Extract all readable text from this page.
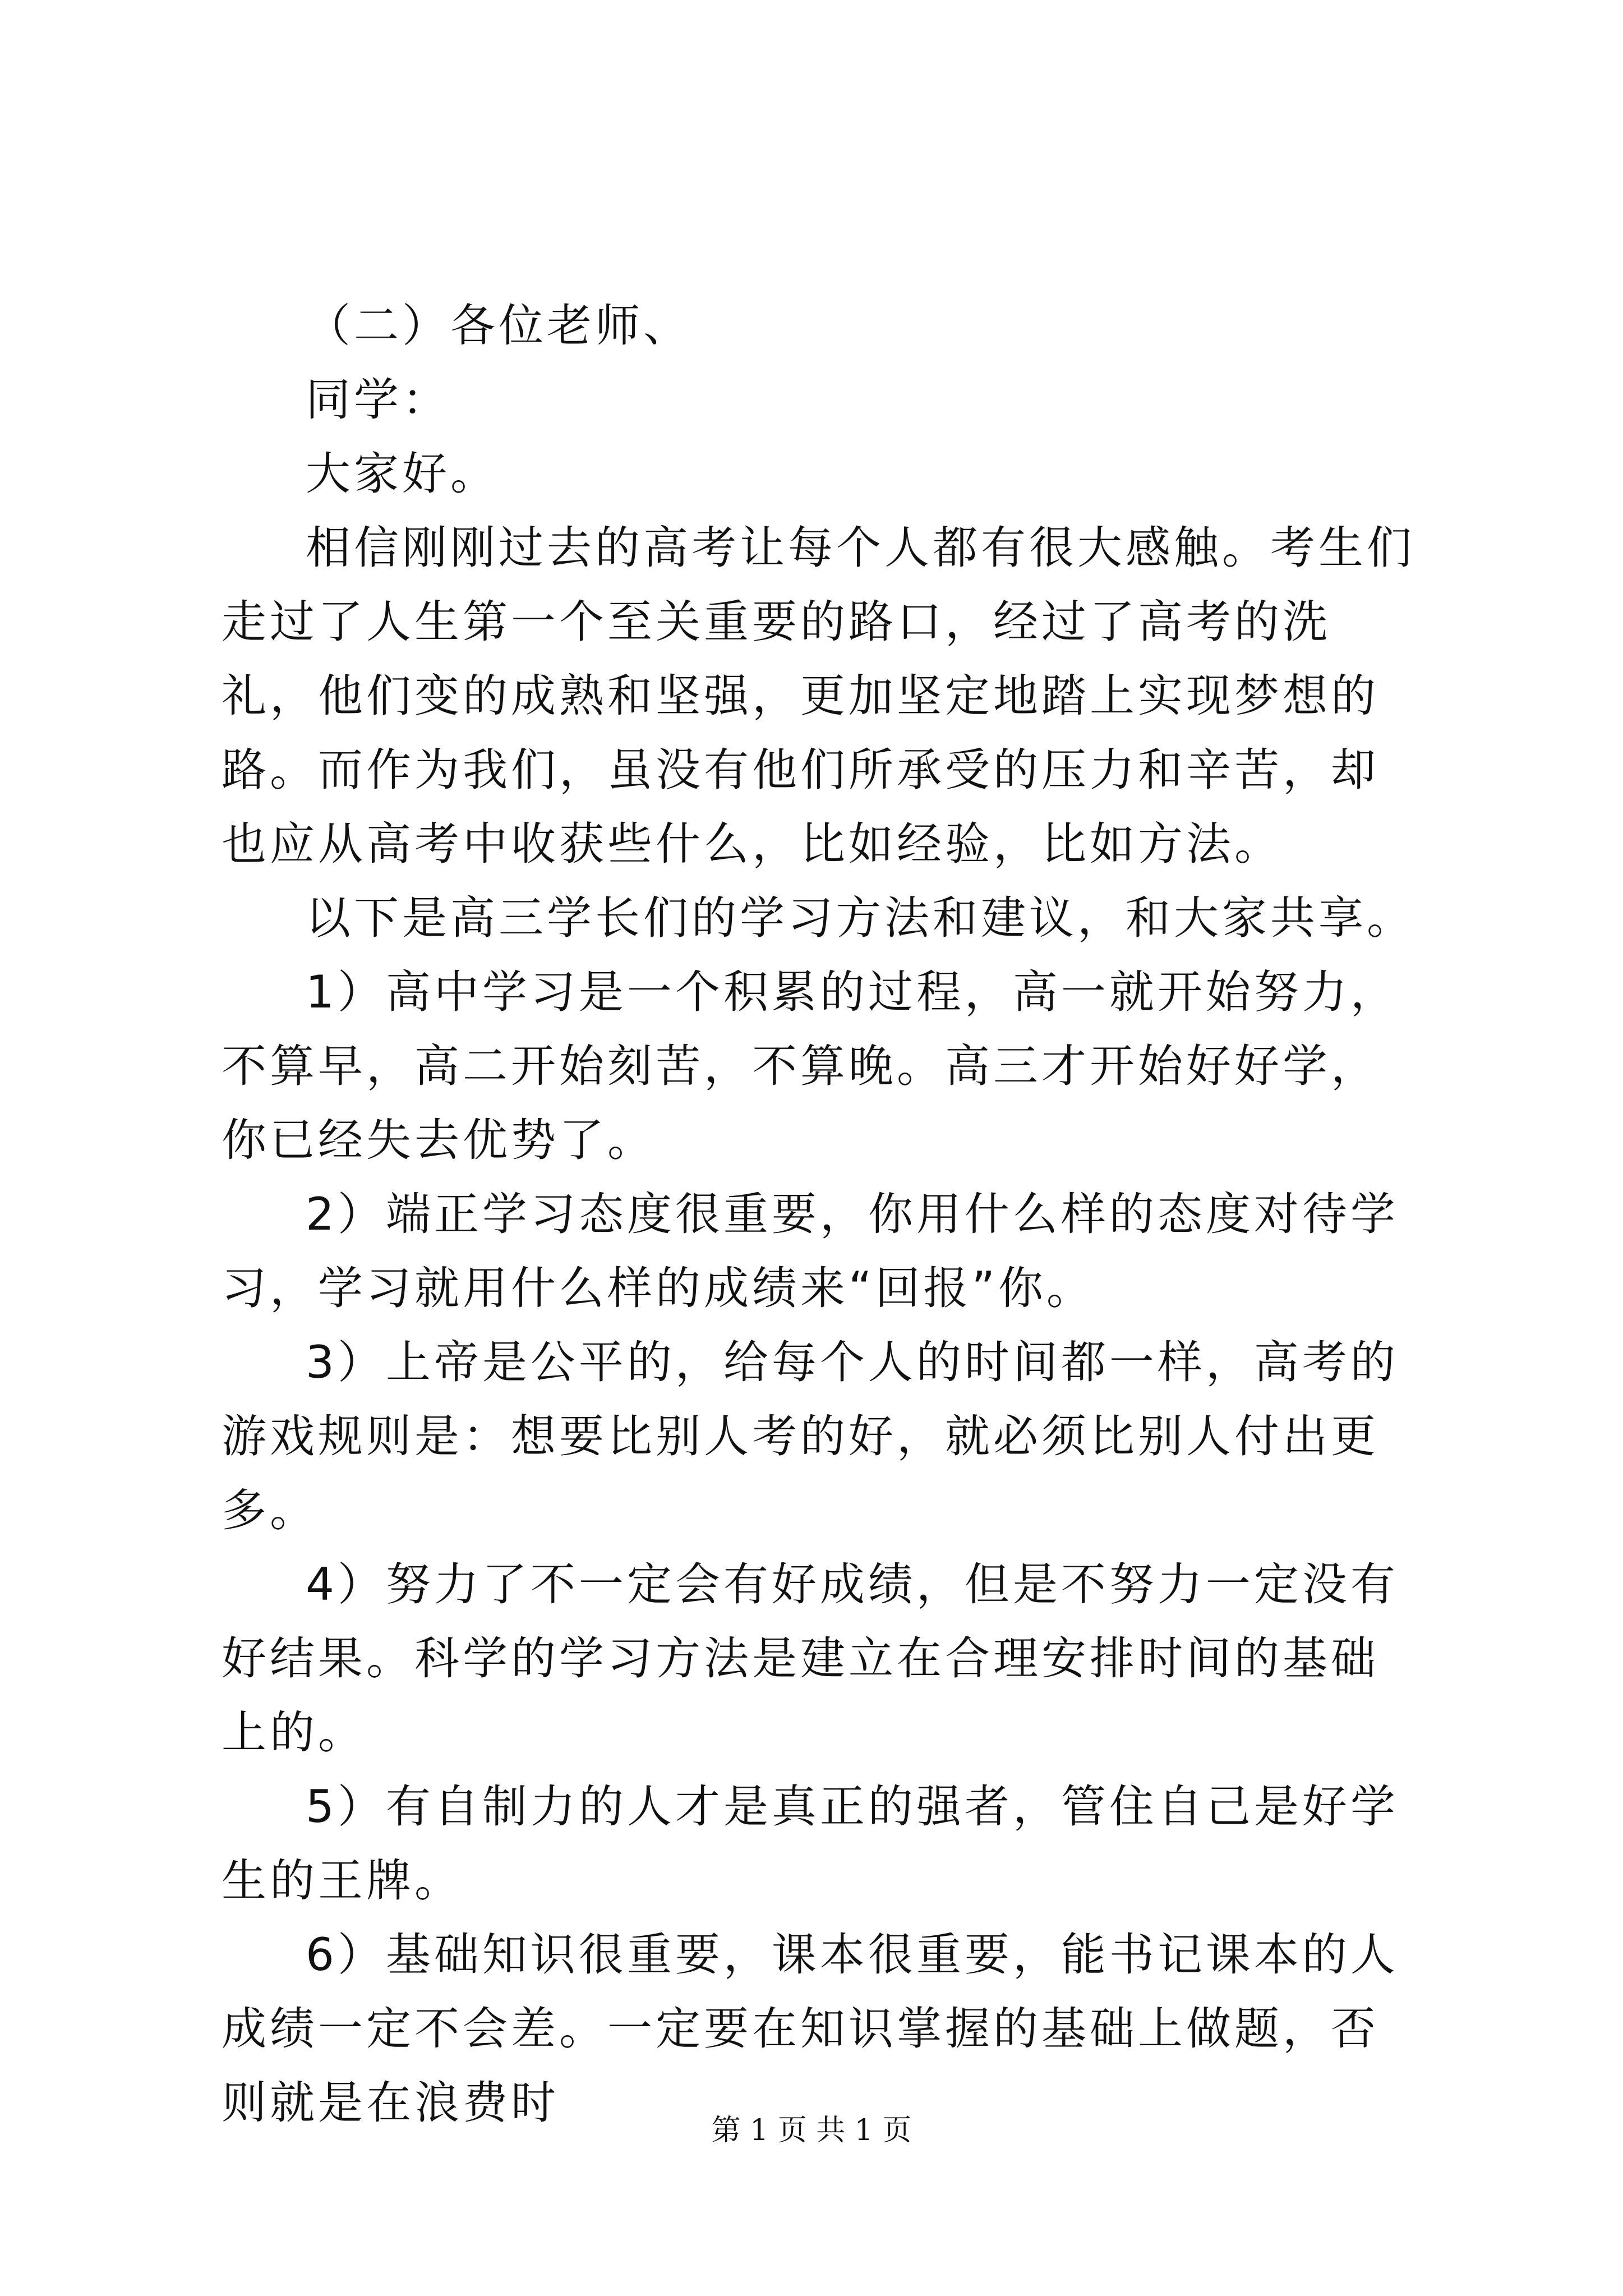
（二）各位老师、

同学：

大家好。

相信刚刚过去的高考让每个人都有很大感触。考生们走过了人生第一个至关重要的路口，经过了高考的洗礼，他们变的成熟和坚强，更加坚定地踏上实现梦想的路。而作为我们，虽没有他们所承受的压力和辛苦，却也应从高考中收获些什么，比如经验，比如方法。

以下是高三学长们的学习方法和建议，和大家共享。

1）高中学习是一个积累的过程，高一就开始努力，不算早，高二开始刻苦，不算晚。高三才开始好好学，你已经失去优势了。

2）端正学习态度很重要，你用什么样的态度对待学习，学习就用什么样的成绩来“回报”你。

3）上帝是公平的，给每个人的时间都一样，高考的游戏规则是：想要比别人考的好，就必须比别人付出更多。

4）努力了不一定会有好成绩，但是不努力一定没有好结果。科学的学习方法是建立在合理安排时间的基础上的。

5）有自制力的人才是真正的强者，管住自己是好学生的王牌。

6）基础知识很重要，课本很重要，能书记课本的人成绩一定不会差。一定要在知识掌握的基础上做题，否则就是在浪费时

第 1 页 共 1 页
